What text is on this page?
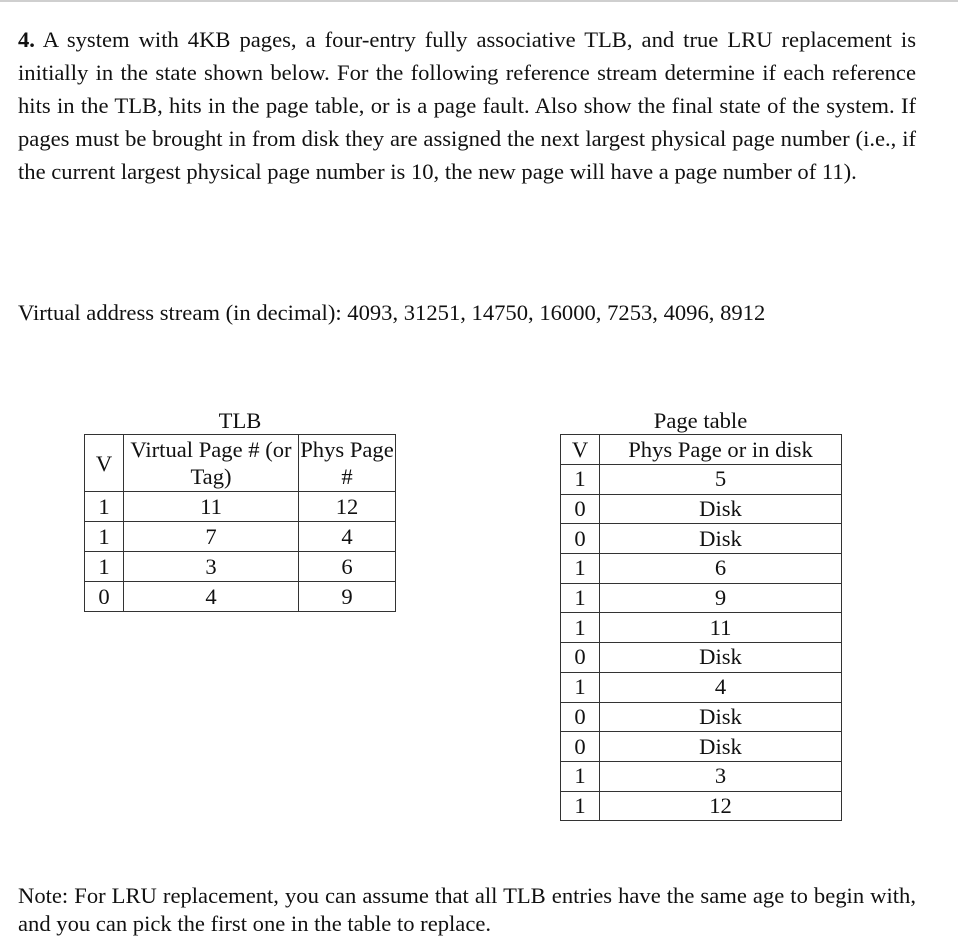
4. A system with 4KB pages, a four-entry fully associative TLB, and true LRU replacement is initially in the state shown below. For the following reference stream determine if each reference hits in the TLB, hits in the page table, or is a page fault. Also show the final state of the system. If pages must be brought in from disk they are assigned the next largest physical page number (i.e., if the current largest physical page number is 10, the new page will have a page number of 11).
Virtual address stream (in decimal): 4093, 31251, 14750, 16000, 7253, 4096, 8912
TLB
V	Virtual Page # (or Tag)	Phys Page #
1	11	12
1	7	4
1	3	6
0	4	9
Page table
V	Phys Page or in disk
1	5
0	Disk
0	Disk
1	6
1	9
1	11
0	Disk
1	4
0	Disk
0	Disk
1	3
1	12
Note: For LRU replacement, you can assume that all TLB entries have the same age to begin with, and you can pick the first one in the table to replace.
